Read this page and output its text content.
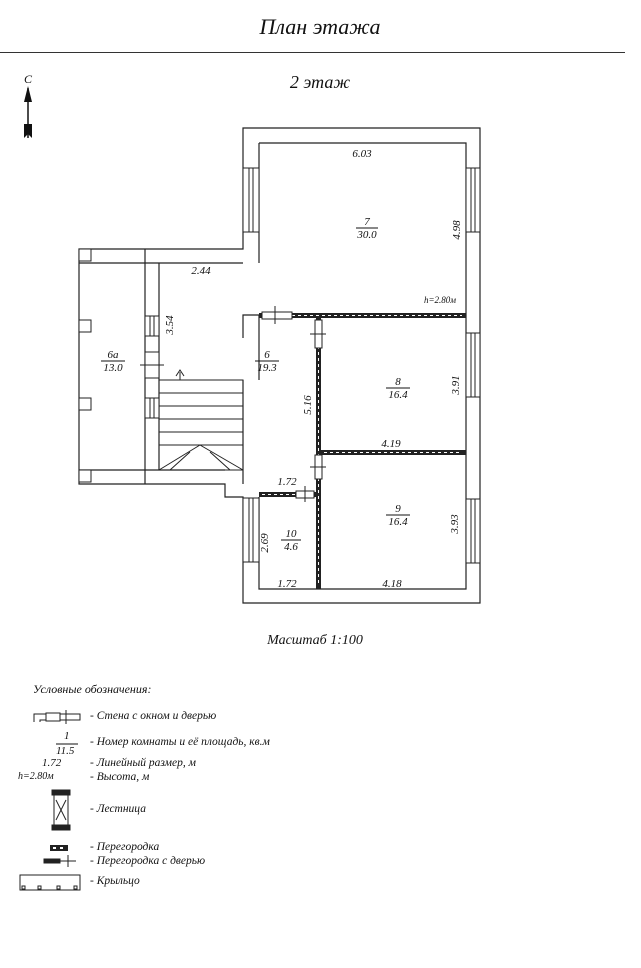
План этажа
2 этаж
С
6.03
4.98
2.44
3.54
5.16
3.91
4.19
1.72
3.93
2.69
1.72	4.18
h=2.80м
7
30.0
6а
13.0
6
19.3
8
16.4
9
16.4
10
4.6
Масштаб 1:100
Условные обозначения:
- Стена с окном и дверью
1
11.5
- Номер комнаты и её площадь, кв.м
1.72	- Линейный размер, м
h=2.80м	- Высота, м
- Лестница
- Перегородка
- Перегородка с дверью
- Крыльцо
